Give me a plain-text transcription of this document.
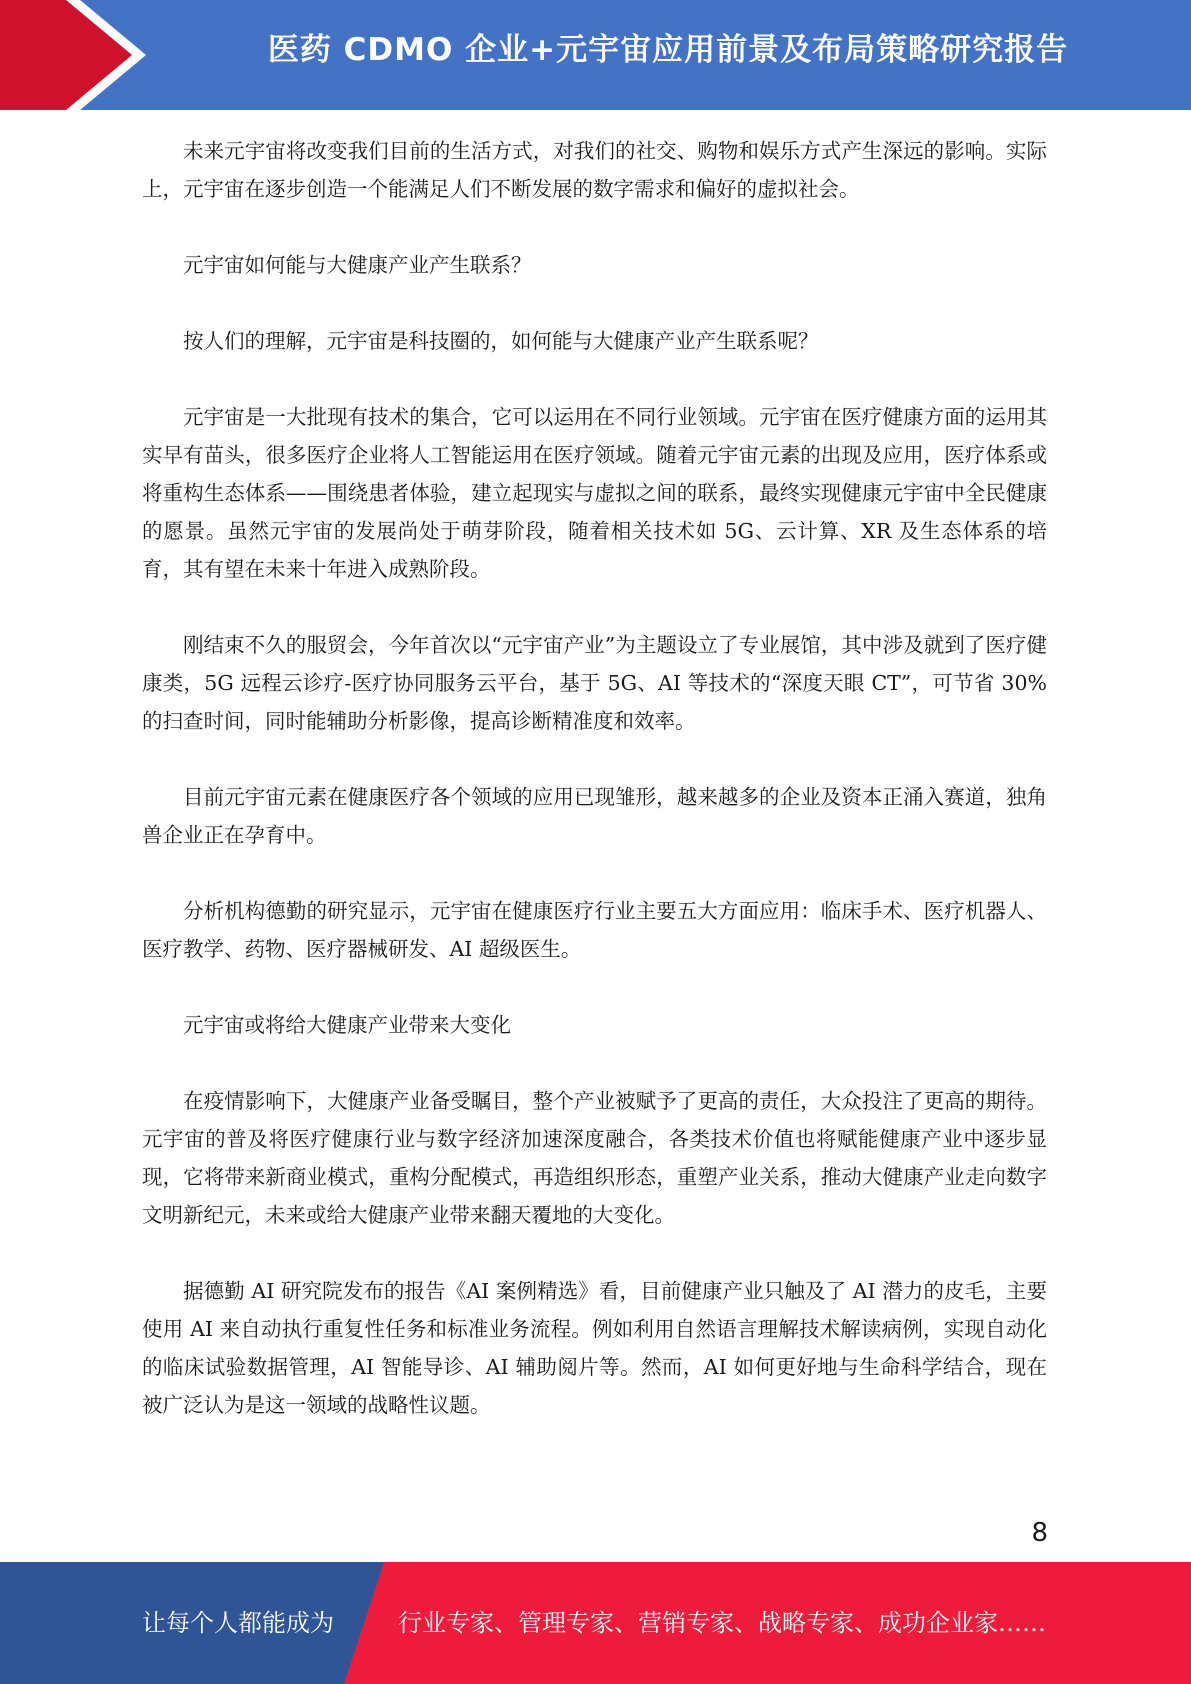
医药 CDMO 企业+元宇宙应用前景及布局策略研究报告

未来元宇宙将改变我们目前的生活方式，对我们的社交、购物和娱乐方式产生深远的影响。实际上，元宇宙在逐步创造一个能满足人们不断发展的数字需求和偏好的虚拟社会。

元宇宙如何能与大健康产业产生联系？

按人们的理解，元宇宙是科技圈的，如何能与大健康产业产生联系呢？

元宇宙是一大批现有技术的集合，它可以运用在不同行业领域。元宇宙在医疗健康方面的运用其实早有苗头，很多医疗企业将人工智能运用在医疗领域。随着元宇宙元素的出现及应用，医疗体系或将重构生态体系——围绕患者体验，建立起现实与虚拟之间的联系，最终实现健康元宇宙中全民健康的愿景。虽然元宇宙的发展尚处于萌芽阶段，随着相关技术如 5G、云计算、XR 及生态体系的培育，其有望在未来十年进入成熟阶段。

刚结束不久的服贸会，今年首次以“元宇宙产业”为主题设立了专业展馆，其中涉及就到了医疗健康类，5G 远程云诊疗-医疗协同服务云平台，基于 5G、AI 等技术的“深度天眼 CT”，可节省 30%的扫查时间，同时能辅助分析影像，提高诊断精准度和效率。

目前元宇宙元素在健康医疗各个领域的应用已现雏形，越来越多的企业及资本正涌入赛道，独角兽企业正在孕育中。

分析机构德勤的研究显示，元宇宙在健康医疗行业主要五大方面应用：临床手术、医疗机器人、医疗教学、药物、医疗器械研发、AI 超级医生。

元宇宙或将给大健康产业带来大变化

在疫情影响下，大健康产业备受瞩目，整个产业被赋予了更高的责任，大众投注了更高的期待。元宇宙的普及将医疗健康行业与数字经济加速深度融合，各类技术价值也将赋能健康产业中逐步显现，它将带来新商业模式，重构分配模式，再造组织形态，重塑产业关系，推动大健康产业走向数字文明新纪元，未来或给大健康产业带来翻天覆地的大变化。

据德勤 AI 研究院发布的报告《AI 案例精选》看，目前健康产业只触及了 AI 潜力的皮毛，主要使用 AI 来自动执行重复性任务和标准业务流程。例如利用自然语言理解技术解读病例，实现自动化的临床试验数据管理，AI 智能导诊、AI 辅助阅片等。然而，AI 如何更好地与生命科学结合，现在被广泛认为是这一领域的战略性议题。

8
让每个人都能成为	行业专家、管理专家、营销专家、战略专家、成功企业家……
